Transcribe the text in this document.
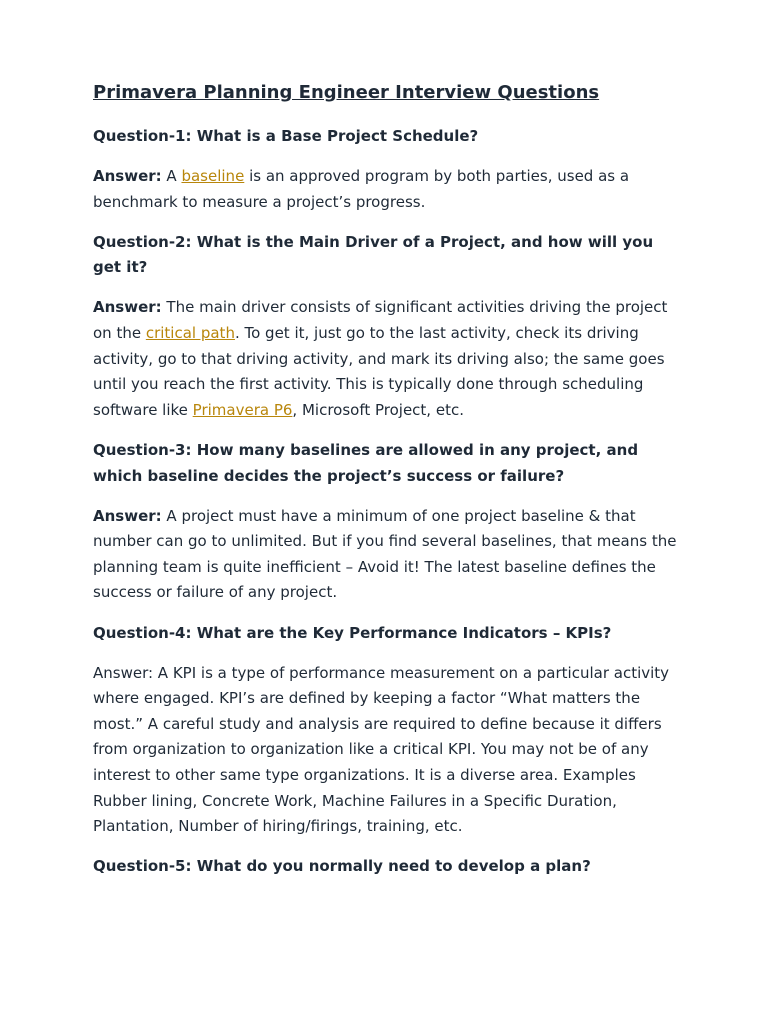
Primavera Planning Engineer Interview Questions
Question-1: What is a Base Project Schedule?
Answer: A baseline is an approved program by both parties, used as a benchmark to measure a project’s progress.
Question-2: What is the Main Driver of a Project, and how will you get it?
Answer: The main driver consists of significant activities driving the project on the critical path. To get it, just go to the last activity, check its driving activity, go to that driving activity, and mark its driving also; the same goes until you reach the first activity. This is typically done through scheduling software like Primavera P6, Microsoft Project, etc.
Question-3: How many baselines are allowed in any project, and which baseline decides the project’s success or failure?
Answer: A project must have a minimum of one project baseline & that number can go to unlimited. But if you find several baselines, that means the planning team is quite inefficient – Avoid it! The latest baseline defines the success or failure of any project.
Question-4: What are the Key Performance Indicators – KPIs?
Answer: A KPI is a type of performance measurement on a particular activity where engaged. KPI’s are defined by keeping a factor “What matters the most.” A careful study and analysis are required to define because it differs from organization to organization like a critical KPI. You may not be of any interest to other same type organizations. It is a diverse area. Examples Rubber lining, Concrete Work, Machine Failures in a Specific Duration, Plantation, Number of hiring/firings, training, etc.
Question-5: What do you normally need to develop a plan?
